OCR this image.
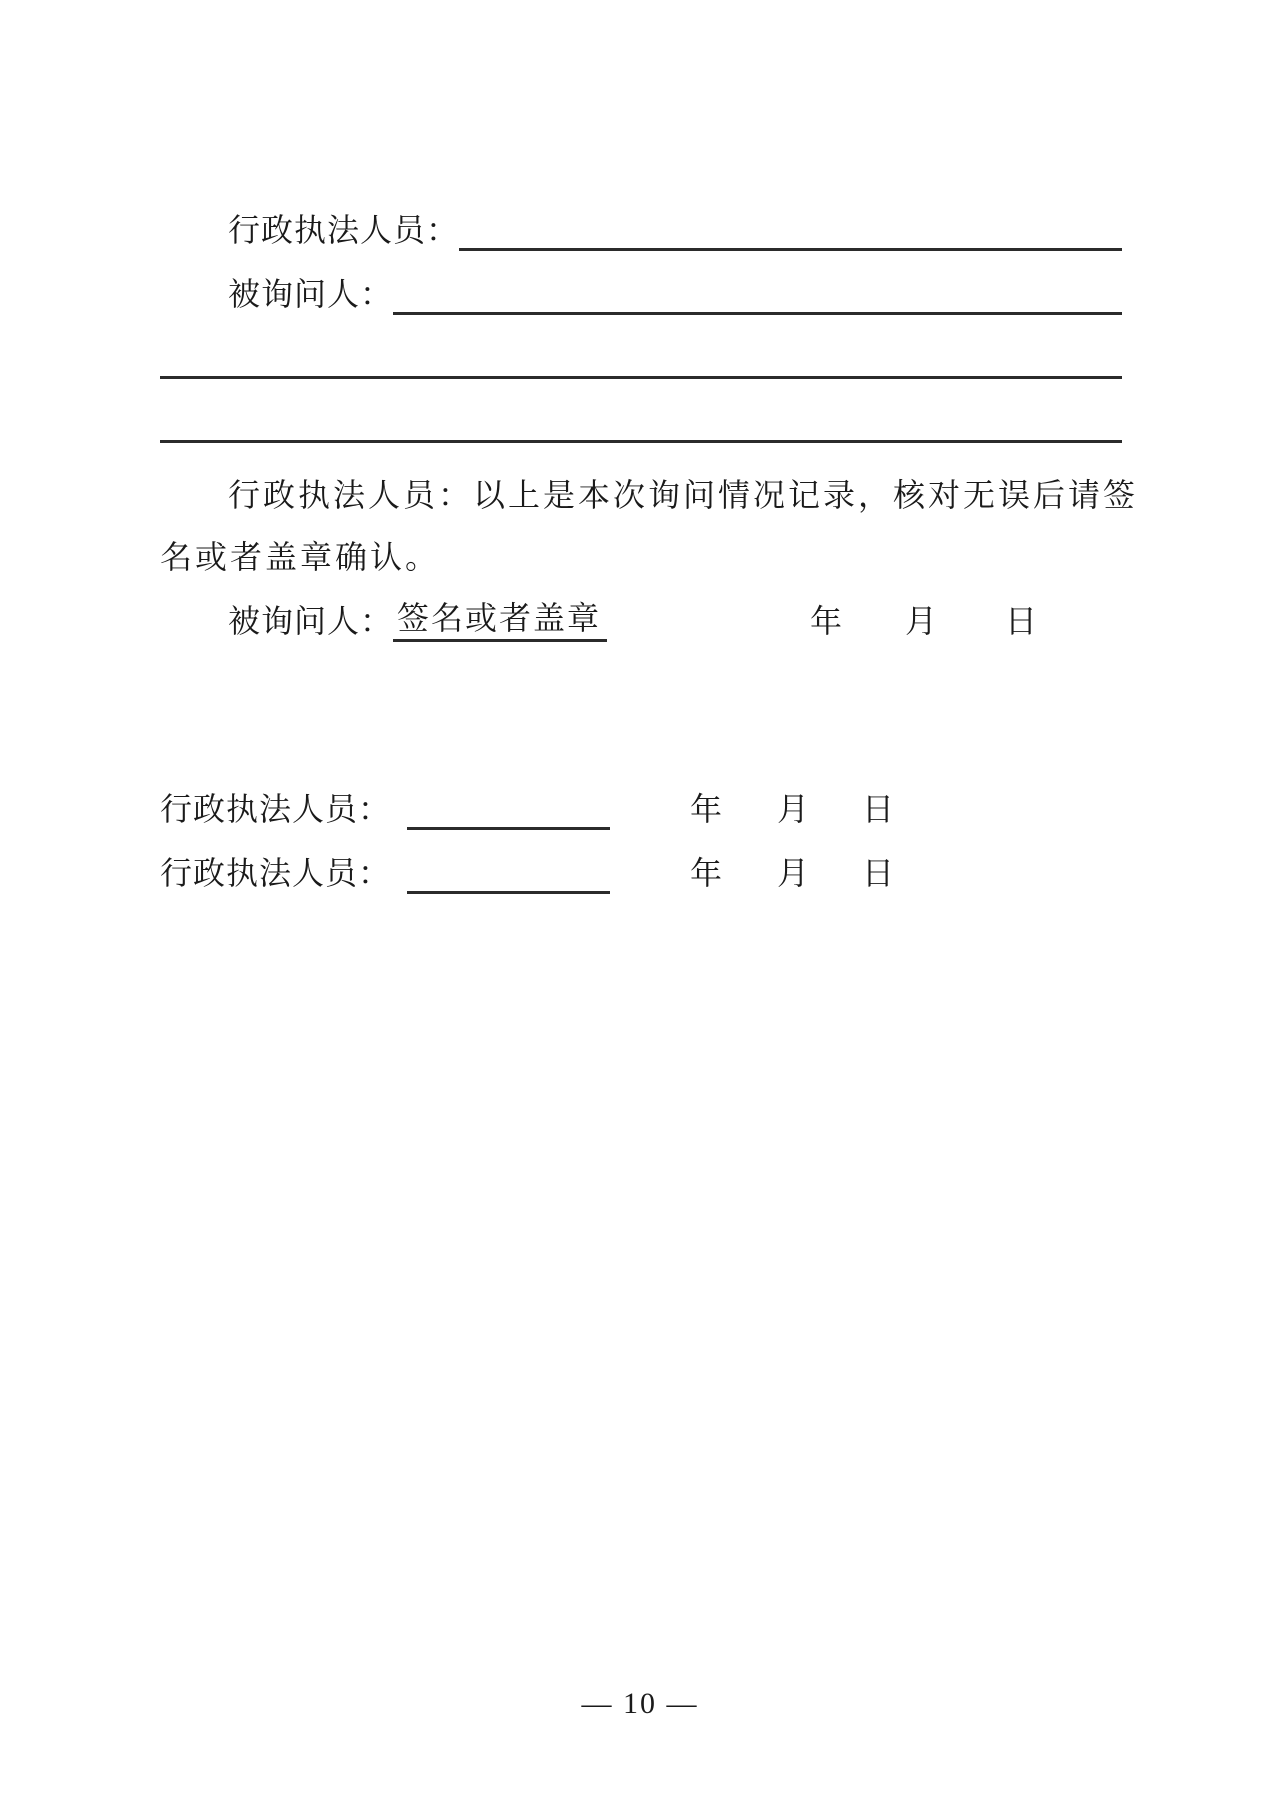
行政执法人员：
被询问人：

行政执法人员：以上是本次询问情况记录，核对无误后请签

名或者盖章确认。

被询问人： 签名或者盖章	年 月 日
行政执法人员：	年 月 日
行政执法人员：	年 月 日
— 10 —
